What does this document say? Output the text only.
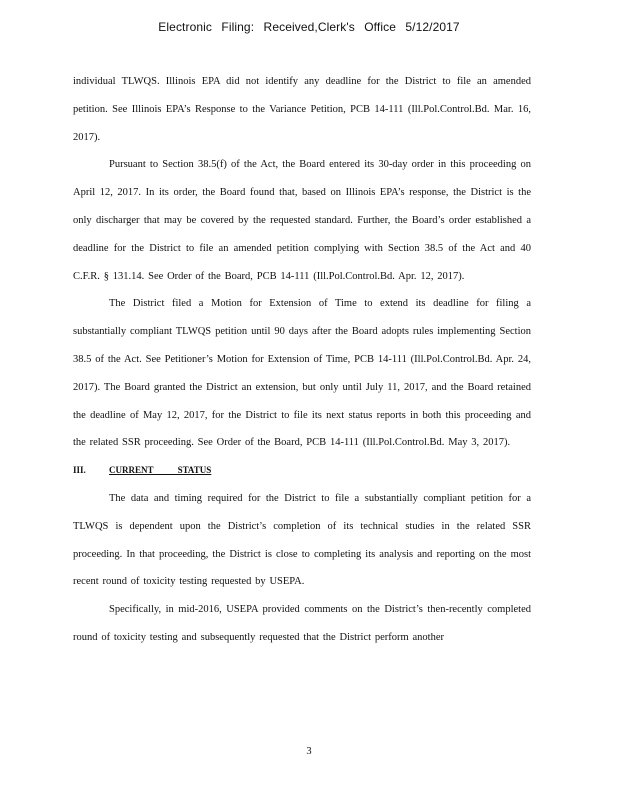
Electronic Filing: Received,Clerk's Office 5/12/2017

individual TLWQS. Illinois EPA did not identify any deadline for the District to file an amended petition. See Illinois EPA’s Response to the Variance Petition, PCB 14-111 (Ill.Pol.Control.Bd. Mar. 16, 2017).

Pursuant to Section 38.5(f) of the Act, the Board entered its 30-day order in this proceeding on April 12, 2017. In its order, the Board found that, based on Illinois EPA’s response, the District is the only discharger that may be covered by the requested standard. Further, the Board’s order established a deadline for the District to file an amended petition complying with Section 38.5 of the Act and 40 C.F.R. § 131.14. See Order of the Board, PCB 14-111 (Ill.Pol.Control.Bd. Apr. 12, 2017).

The District filed a Motion for Extension of Time to extend its deadline for filing a substantially compliant TLWQS petition until 90 days after the Board adopts rules implementing Section 38.5 of the Act. See Petitioner’s Motion for Extension of Time, PCB 14-111 (Ill.Pol.Control.Bd. Apr. 24, 2017). The Board granted the District an extension, but only until July 11, 2017, and the Board retained the deadline of May 12, 2017, for the District to file its next status reports in both this proceeding and the related SSR proceeding. See Order of the Board, PCB 14-111 (Ill.Pol.Control.Bd. May 3, 2017).

III.	CURRENT STATUS

The data and timing required for the District to file a substantially compliant petition for a TLWQS is dependent upon the District’s completion of its technical studies in the related SSR proceeding. In that proceeding, the District is close to completing its analysis and reporting on the most recent round of toxicity testing requested by USEPA.

Specifically, in mid-2016, USEPA provided comments on the District’s then-recently completed round of toxicity testing and subsequently requested that the District perform another

3
